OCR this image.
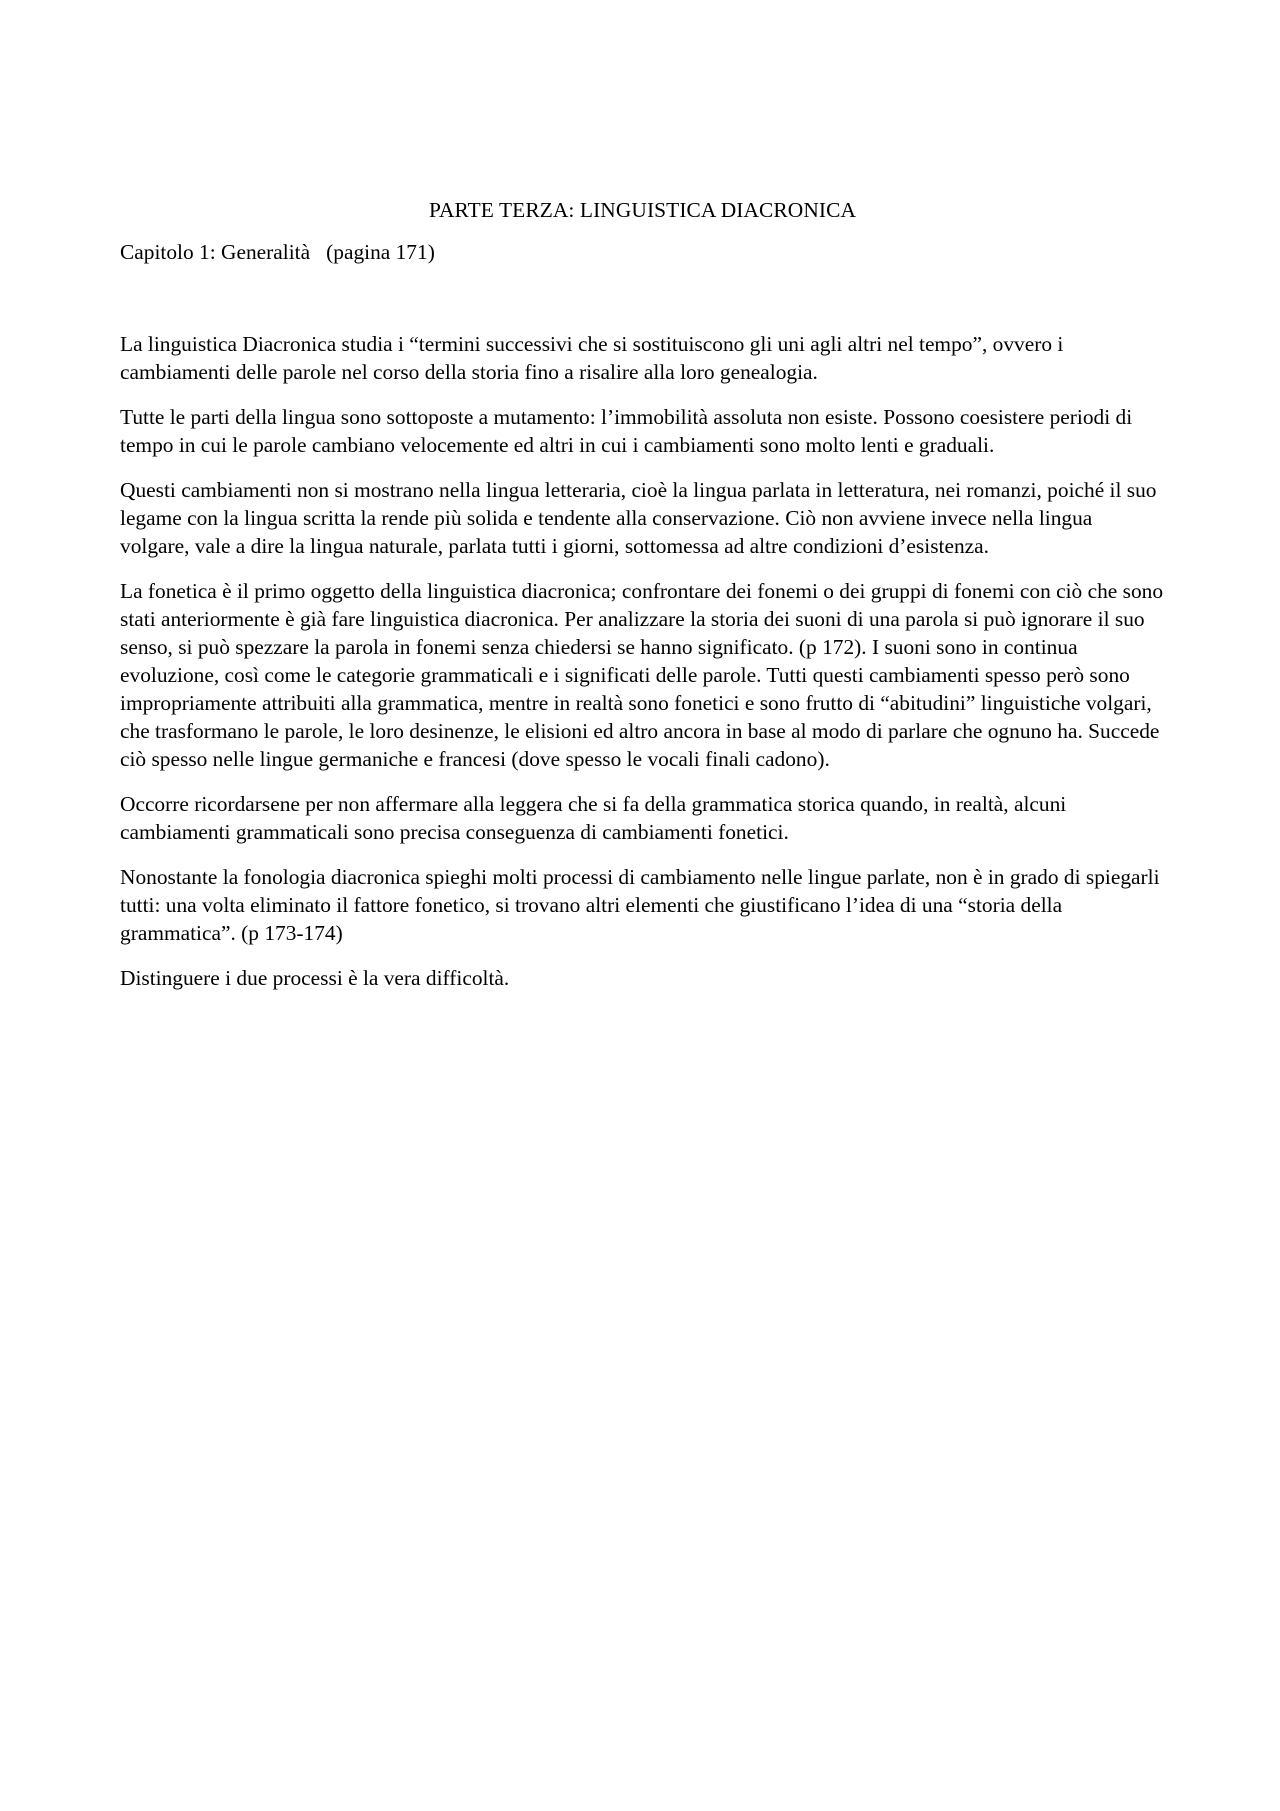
PARTE TERZA: LINGUISTICA DIACRONICA

Capitolo 1: Generalità   (pagina 171)

La linguistica Diacronica studia i “termini successivi che si sostituiscono gli uni agli altri nel tempo”, ovvero i cambiamenti delle parole nel corso della storia fino a risalire alla loro genealogia.

Tutte le parti della lingua sono sottoposte a mutamento: l’immobilità assoluta non esiste. Possono coesistere periodi di tempo in cui le parole cambiano velocemente ed altri in cui i cambiamenti sono molto lenti e graduali.

Questi cambiamenti non si mostrano nella lingua letteraria, cioè la lingua parlata in letteratura, nei romanzi, poiché il suo legame con la lingua scritta la rende più solida e tendente alla conservazione. Ciò non avviene invece nella lingua volgare, vale a dire la lingua naturale, parlata tutti i giorni, sottomessa ad altre condizioni d’esistenza.

La fonetica è il primo oggetto della linguistica diacronica; confrontare dei fonemi o dei gruppi di fonemi con ciò che sono stati anteriormente è già fare linguistica diacronica. Per analizzare la storia dei suoni di una parola si può ignorare il suo senso, si può spezzare la parola in fonemi senza chiedersi se hanno significato. (p 172). I suoni sono in continua evoluzione, così come le categorie grammaticali e i significati delle parole. Tutti questi cambiamenti spesso però sono impropriamente attribuiti alla grammatica, mentre in realtà sono fonetici e sono frutto di “abitudini” linguistiche volgari, che trasformano le parole, le loro desinenze, le elisioni ed altro ancora in base al modo di parlare che ognuno ha. Succede ciò spesso nelle lingue germaniche e francesi (dove spesso le vocali finali cadono).

Occorre ricordarsene per non affermare alla leggera che si fa della grammatica storica quando, in realtà, alcuni cambiamenti grammaticali sono precisa conseguenza di cambiamenti fonetici.

Nonostante la fonologia diacronica spieghi molti processi di cambiamento nelle lingue parlate, non è in grado di spiegarli tutti: una volta eliminato il fattore fonetico, si trovano altri elementi che giustificano l’idea di una “storia della grammatica”. (p 173-174)

Distinguere i due processi è la vera difficoltà.
